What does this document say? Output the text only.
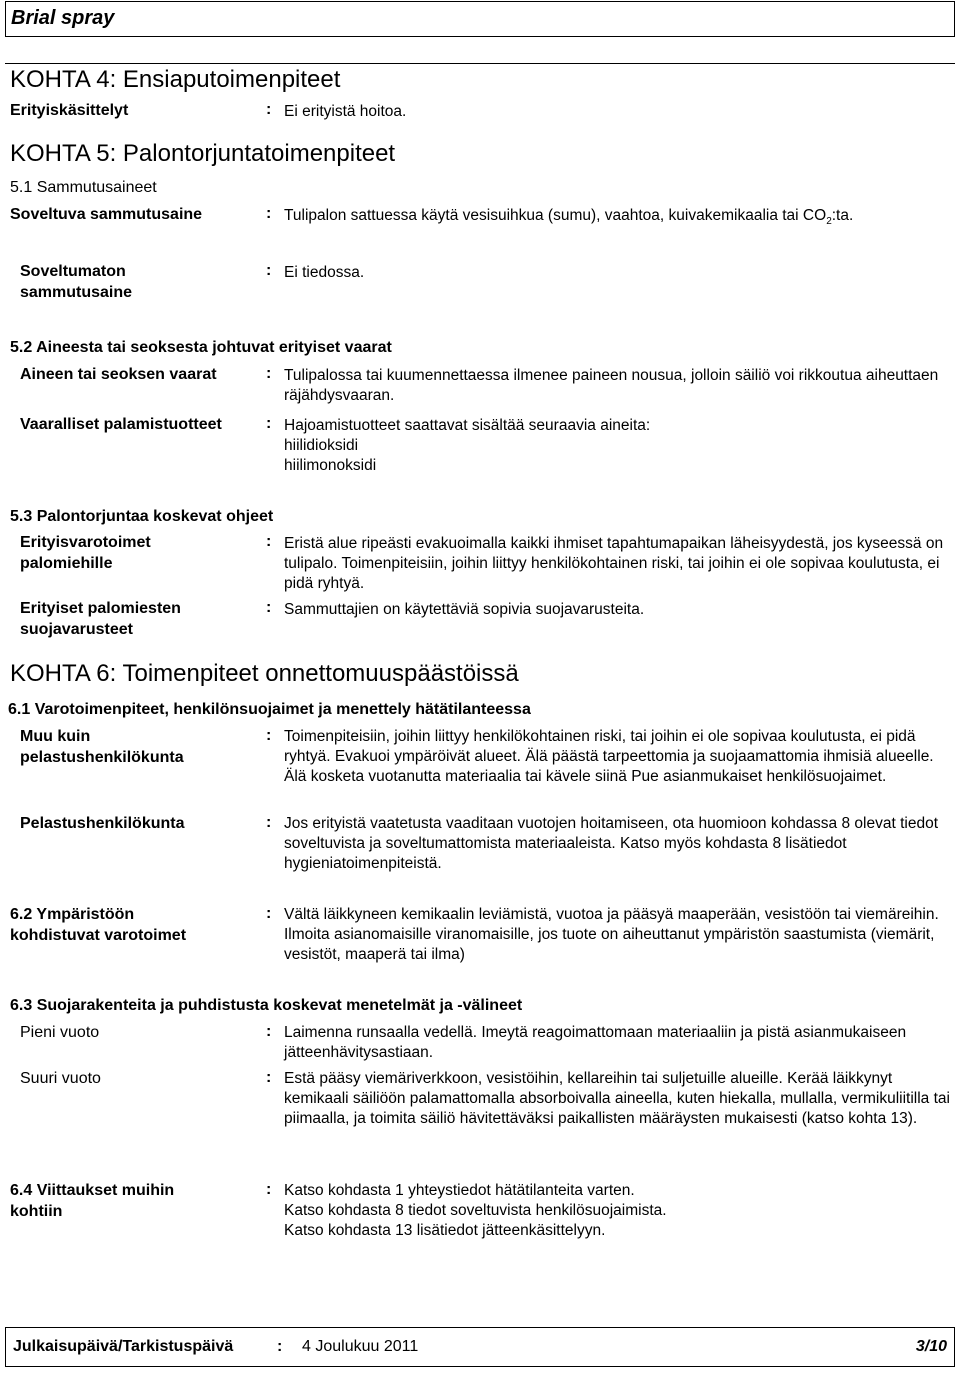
Brial spray
KOHTA 4: Ensiaputoimenpiteet
Erityiskäsittelyt	: Ei erityistä hoitoa.
KOHTA 5: Palontorjuntatoimenpiteet
5.1 Sammutusaineet
Soveltuva sammutusaine	: Tulipalon sattuessa käytä vesisuihkua (sumu), vaahtoa, kuivakemikaalia tai $CO_2:ta$.
Soveltumaton sammutusaine
: Ei tiedossa.
5.2 Aineesta tai seoksesta johtuvat erityiset vaarat
Aineen tai seoksen vaarat	: Tulipalossa tai kuumennettaessa ilmenee paineen nousua, jolloin säiliö voi rikkoutua aiheuttaen räjähdysvaaran.
Vaaralliset palamistuotteet	: Hajoamistuotteet saattavat sisältää seuraavia aineita:
hiilidioksidi
hiilimonoksidi
5.3 Palontorjuntaa koskevat ohjeet
Erityisvarotoimet palomiehille
: Eristä alue ripeästi evakuoimalla kaikki ihmiset tapahtumapaikan läheisyydestä, jos kyseessä on tulipalo. Toimenpiteisiin, joihin liittyy henkilökohtainen riski, tai joihin ei ole sopivaa koulutusta, ei pidä ryhtyä.
Erityiset palomiesten suojavarusteet
: Sammuttajien on käytettäviä sopivia suojavarusteita.
KOHTA 6: Toimenpiteet onnettomuuspäästöissä
6.1 Varotoimenpiteet, henkilönsuojaimet ja menettely hätätilanteessa
Muu kuin pelastushenkilökunta
: Toimenpiteisiin, joihin liittyy henkilökohtainen riski, tai joihin ei ole sopivaa koulutusta, ei pidä ryhtyä. Evakuoi ympäröivät alueet. Älä päästä tarpeettomia ja suojaamattomia ihmisiä alueelle. Älä kosketa vuotanutta materiaalia tai kävele siinä Pue asianmukaiset henkilösuojaimet.
Pelastushenkilökunta	: Jos erityistä vaatetusta vaaditaan vuotojen hoitamiseen, ota huomioon kohdassa 8 olevat tiedot soveltuvista ja soveltumattomista materiaaleista. Katso myös kohdasta 8 lisätiedot hygieniatoimenpiteistä.
6.2 Ympäristöön kohdistuvat varotoimet
: Vältä läikkyneen kemikaalin leviämistä, vuotoa ja pääsyä maaperään, vesistöön tai viemäreihin. Ilmoita asianomaisille viranomaisille, jos tuote on aiheuttanut ympäristön saastumista (viemärit, vesistöt, maaperä tai ilma)
6.3 Suojarakenteita ja puhdistusta koskevat menetelmät ja -välineet
Pieni vuoto	: Laimenna runsaalla vedellä. Imeytä reagoimattomaan materiaaliin ja pistä asianmukaiseen jätteenhävitysastiaan.
Suuri vuoto	: Estä pääsy viemäriverkkoon, vesistöihin, kellareihin tai suljetuille alueille. Kerää läikkynyt kemikaali säiliöön palamattomalla absorboivalla aineella, kuten hiekalla, mullalla, vermikuliitilla tai piimaalla, ja toimita säiliö hävitettäväksi paikallisten määräysten mukaisesti (katso kohta 13).
6.4 Viittaukset muihin kohtiin
: Katso kohdasta 1 yhteystiedot hätätilanteita varten.
Katso kohdasta 8 tiedot soveltuvista henkilösuojaimista.
Katso kohdasta 13 lisätiedot jätteenkäsittelyyn.
Julkaisupäivä/Tarkistuspäivä	: 4 Joulukuu 2011	3/10
